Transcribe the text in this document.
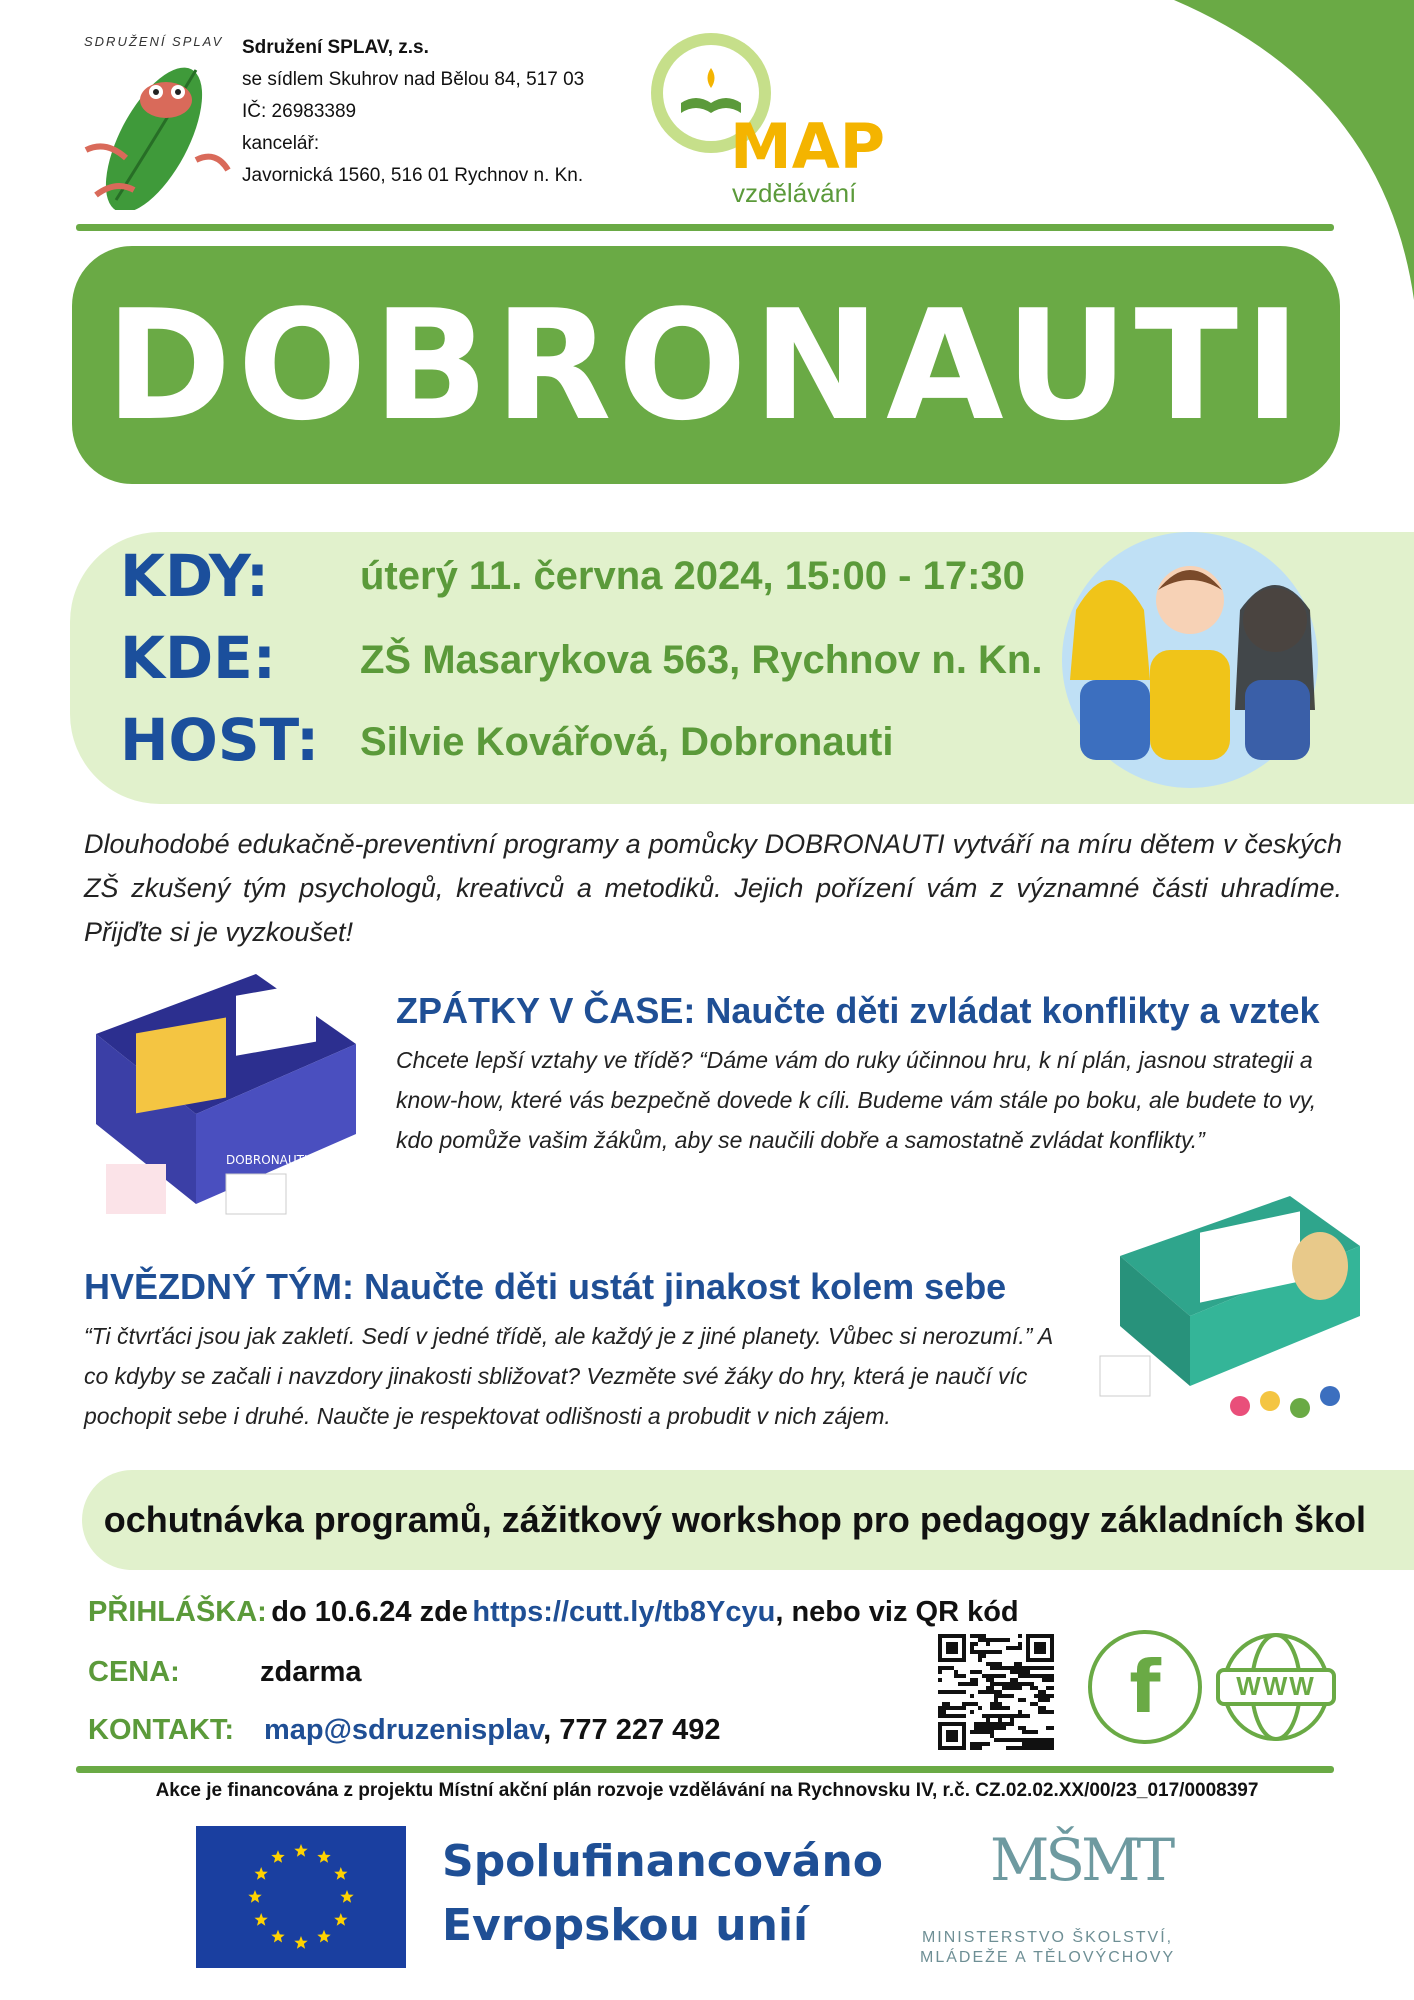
SDRUŽENÍ SPLAV Sdružení SPLAV, z.s.
se sídlem Skuhrov nad Bělou 84, 517 03
IČ: 26983389
kancelář:
Javornická 1560, 516 01 Rychnov n. Kn. MAP
vzdělávání
DOBRONAUTI
KDY: úterý 11. června 2024, 15:00 - 17:30
KDE: ZŠ Masarykova 563, Rychnov n. Kn.
HOST: Silvie Kovářová, Dobronauti
Dlouhodobé edukačně-preventivní programy a pomůcky DOBRONAUTI vytváří na míru dětem v českých ZŠ zkušený tým psychologů, kreativců a metodiků. Jejich pořízení vám z významné části uhradíme. Přijďte si je vyzkoušet!
DOBRONAUTI
ZPÁTKY V ČASE: Naučte děti zvládat konflikty a vztek
Chcete lepší vztahy ve třídě? “Dáme vám do ruky účinnou hru, k ní plán, jasnou strategii a know-how, které vás bezpečně dovede k cíli. Budeme vám stále po boku, ale budete to vy, kdo pomůže vašim žákům, aby se naučili dobře a samostatně zvládat konflikty.”
HVĚZDNÝ TÝM: Naučte děti ustát jinakost kolem sebe
“Ti čtvrťáci jsou jak zakletí. Sedí v jedné třídě, ale každý je z jiné planety. Vůbec si nerozumí.” A co kdyby se začali i navzdory jinakosti sbližovat? Vezměte své žáky do hry, která je naučí víc pochopit sebe i druhé. Naučte je respektovat odlišnosti a probudit v nich zájem.
ochutnávka programů, zážitkový workshop pro pedagogy základních škol
PŘIHLÁŠKA: do 10.6.24 zde https://cutt.ly/tb8Ycyu, nebo viz QR kód
CENA:	zdarma
KONTAKT: map@sdruzenisplav, 777 227 492
f	WWW
Akce je financována z projektu Místní akční plán rozvoje vzdělávání na Rychnovsku IV, r.č. CZ.02.02.XX/00/23_017/0008397
Spolufinancováno
Evropskou unií
MŠMT
MINISTERSTVO ŠKOLSTVÍ,
MLÁDEŽE A TĚLOVÝCHOVY
